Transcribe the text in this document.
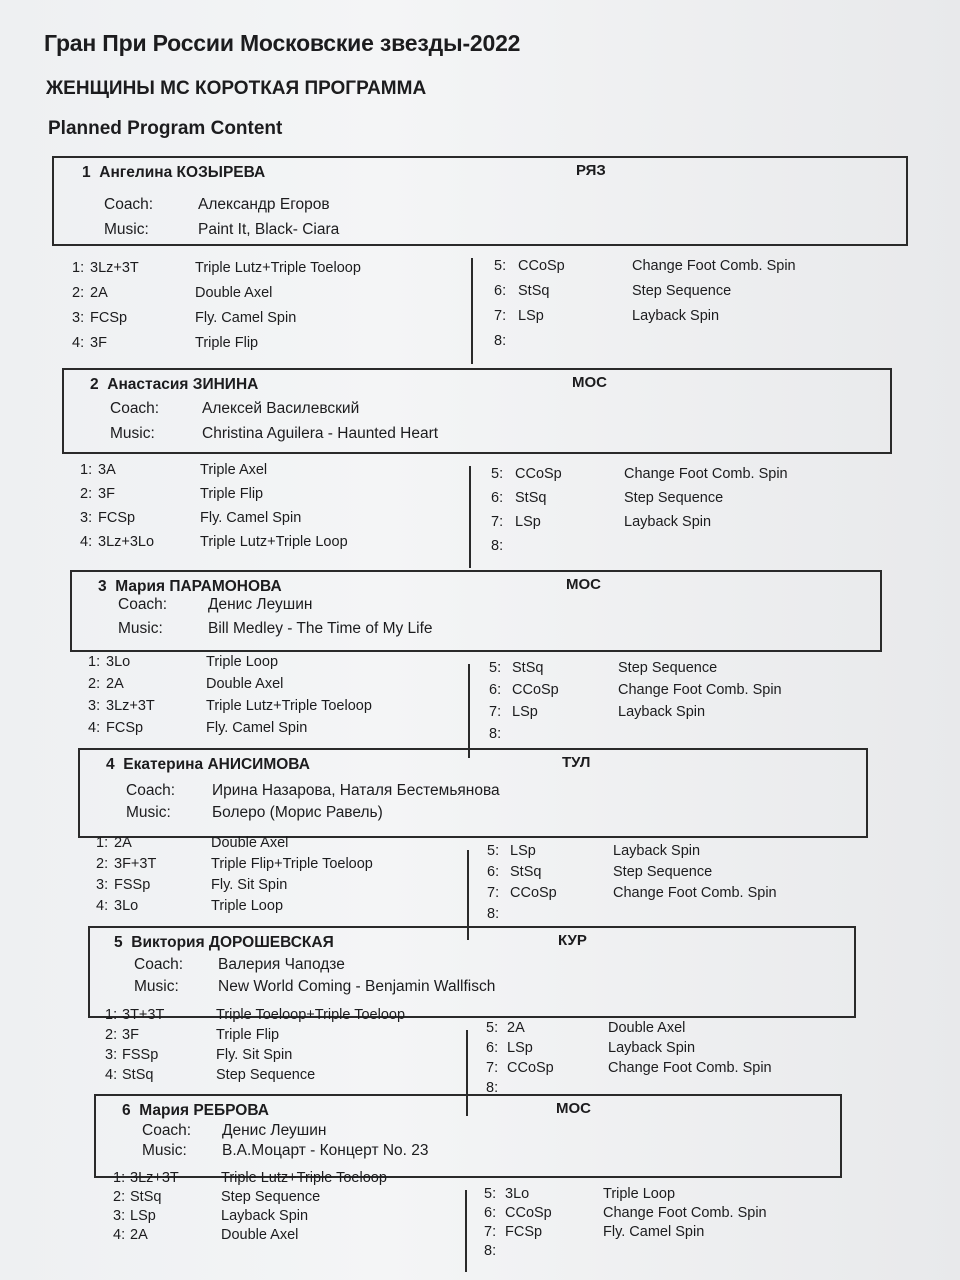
Гран При России Московские звезды-2022
ЖЕНЩИНЫ МС КОРОТКАЯ ПРОГРАММА
Planned Program Content
1 Ангелина КОЗЫРЕВА	РЯЗ
Coach:	Александр Егоров
Music:	Paint It, Black- Ciara
1: 3Lz+3T	Triple Lutz+Triple Toeloop
2: 2A	Double Axel
3: FCSp	Fly. Camel Spin
4: 3F	Triple Flip
5: CCoSp	Change Foot Comb. Spin
6: StSq	Step Sequence
7: LSp	Layback Spin
8:
2 Анастасия ЗИНИНА	МОС
Coach:	Алексей Василевский
Music:	Christina Aguilera - Haunted Heart
1: 3A	Triple Axel
2: 3F	Triple Flip
3: FCSp	Fly. Camel Spin
4: 3Lz+3Lo	Triple Lutz+Triple Loop
5: CCoSp	Change Foot Comb. Spin
6: StSq	Step Sequence
7: LSp	Layback Spin
8:
3 Мария ПАРАМОНОВА	МОС
Coach:	Денис Леушин
Music:	Bill Medley - The Time of My Life
1: 3Lo	Triple Loop
2: 2A	Double Axel
3: 3Lz+3T	Triple Lutz+Triple Toeloop
4: FCSp	Fly. Camel Spin
5: StSq	Step Sequence
6: CCoSp	Change Foot Comb. Spin
7: LSp	Layback Spin
8:
4 Екатерина АНИСИМОВА	ТУЛ
Coach: Ирина Назарова, Наталя Бестемьянова
Music:	Болеро (Морис Равель)
1: 2A	Double Axel
2: 3F+3T	Triple Flip+Triple Toeloop
3: FSSp	Fly. Sit Spin
4: 3Lo	Triple Loop
5: LSp	Layback Spin
6: StSq	Step Sequence
7: CCoSp	Change Foot Comb. Spin
8:
5 Виктория ДОРОШЕВСКАЯ	КУР
Coach: Валерия Чаподзе
Music:	New World Coming - Benjamin Wallfisch
1: 3T+3T	Triple Toeloop+Triple Toeloop
2: 3F	Triple Flip
3: FSSp	Fly. Sit Spin
4: StSq	Step Sequence
5: 2A	Double Axel
6: LSp	Layback Spin
7: CCoSp	Change Foot Comb. Spin
8:
6 Мария РЕБРОВА	МОС
Coach: Денис Леушин
Music: В.А.Моцарт - Концерт No. 23
1: 3Lz+3T	Triple Lutz+Triple Toeloop
2: StSq	Step Sequence
3: LSp	Layback Spin
4: 2A	Double Axel
5: 3Lo	Triple Loop
6: CCoSp	Change Foot Comb. Spin
7: FCSp	Fly. Camel Spin
8:
